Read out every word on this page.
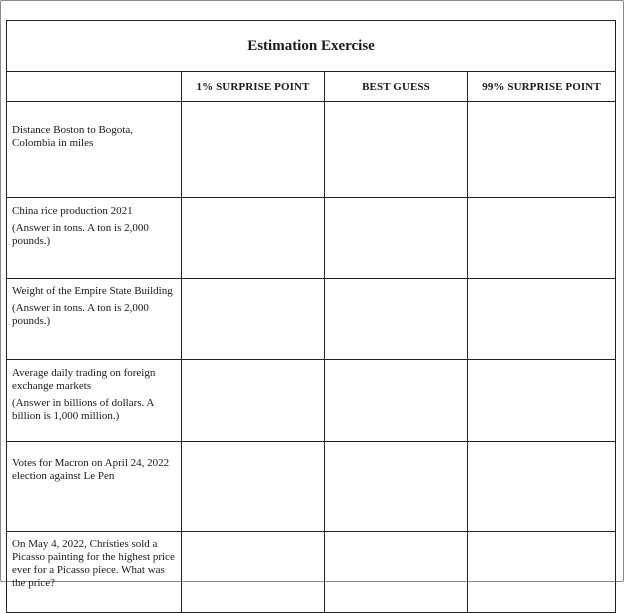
Estimation Exercise			
	1% SURPRISE POINT	BEST GUESS	99% SURPRISE POINT

Distance Boston to Bogota, Colombia in miles			

China rice production 2021
(Answer in tons. A ton is 2,000 pounds.)			

Weight of the Empire State Building
(Answer in tons. A ton is 2,000 pounds.)			

Average daily trading on foreign exchange markets
(Answer in billions of dollars. A billion is 1,000 million.)			

Votes for Macron on April 24, 2022 election against Le Pen			

On May 4, 2022, Christies sold a Picasso painting for the highest price ever for a Picasso piece. What was the price?			
